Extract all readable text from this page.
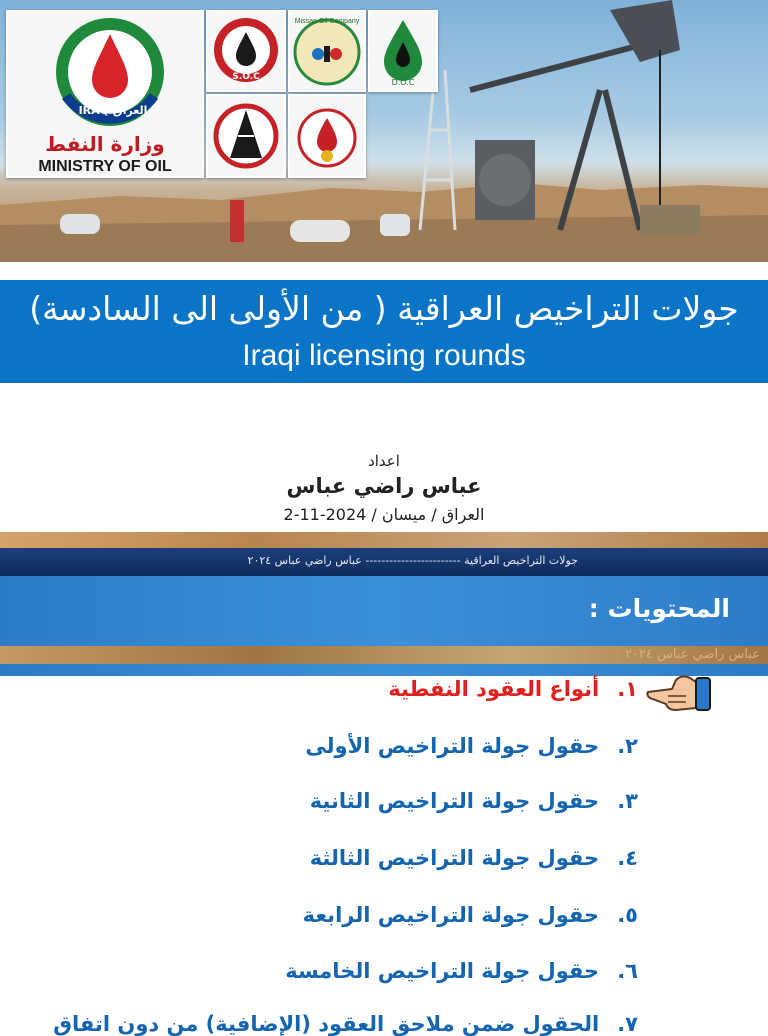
IRAQ العراق
وزارة النفط
MINISTRY OF OIL
S.O.C
Missan Oil Company
D.O.C
جولات التراخيص العراقية ( من الأولى الى السادسة)
Iraqi licensing rounds
اعداد
عباس راضي عباس
العراق / ميسان / 2024-11-2
جولات التراخيص العراقية ------------------------ عباس راضي عباس ٢٠٢٤
المحتويات :
عباس راضي عباس ٢٠٢٤
١.أنواع العقود النفطية
٢.حقول جولة التراخيص الأولى
٣.حقول جولة التراخيص الثانية
٤.حقول جولة التراخيص الثالثة
٥.حقول جولة التراخيص الرابعة
٦.حقول جولة التراخيص الخامسة
٧.الحقول ضمن ملاحق العقود (الإضافية) من دون اتفاق
